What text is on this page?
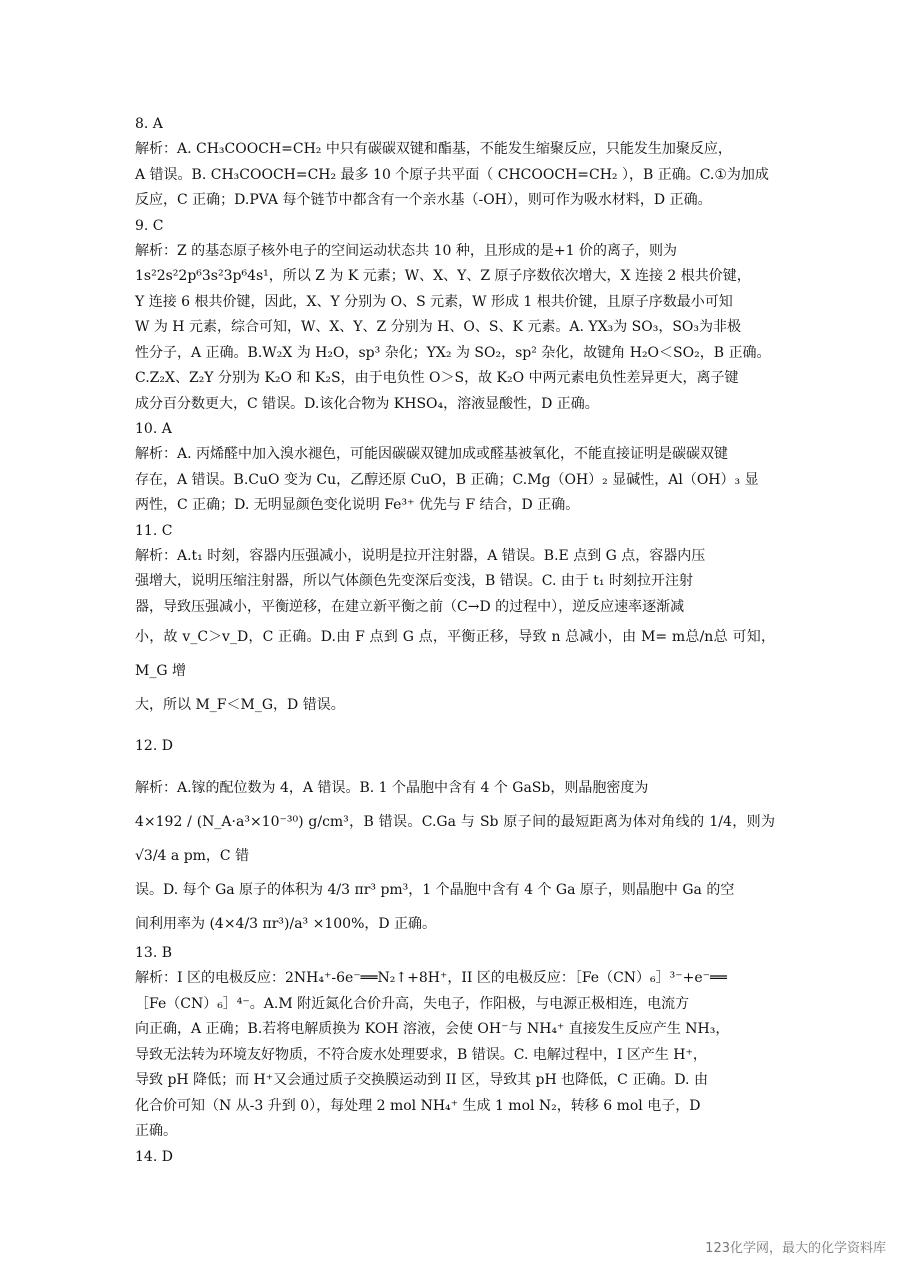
8. A
解析：A. CH₃COOCH=CH₂ 中只有碳碳双键和酯基，不能发生缩聚反应，只能发生加聚反应，
A 错误。B. CH₃COOCH=CH₂ 最多 10 个原子共平面（ CHCOOCH=CH₂ ），B 正确。C.①为加成
反应，C 正确；D.PVA 每个链节中都含有一个亲水基（-OH），则可作为吸水材料，D 正确。
9. C
解析：Z 的基态原子核外电子的空间运动状态共 10 种，且形成的是+1 价的离子，则为
1s²2s²2p⁶3s²3p⁶4s¹，所以 Z 为 K 元素；W、X、Y、Z 原子序数依次增大，X 连接 2 根共价键，
Y 连接 6 根共价键，因此，X、Y 分别为 O、S 元素，W 形成 1 根共价键，且原子序数最小可知
W 为 H 元素，综合可知，W、X、Y、Z 分别为 H、O、S、K 元素。A. YX₃为 SO₃，SO₃为非极
性分子，A 正确。B.W₂X 为 H₂O，sp³ 杂化；YX₂ 为 SO₂，sp² 杂化，故键角 H₂O＜SO₂，B 正确。
C.Z₂X、Z₂Y 分别为 K₂O 和 K₂S，由于电负性 O＞S，故 K₂O 中两元素电负性差异更大，离子键
成分百分数更大，C 错误。D.该化合物为 KHSO₄，溶液显酸性，D 正确。
10. A
解析：A. 丙烯醛中加入溴水褪色，可能因碳碳双键加成或醛基被氧化，不能直接证明是碳碳双键
存在，A 错误。B.CuO 变为 Cu，乙醇还原 CuO，B 正确；C.Mg（OH）₂ 显碱性，Al（OH）₃ 显
两性，C 正确；D. 无明显颜色变化说明 Fe³⁺ 优先与 F 结合，D 正确。
11. C
解析：A.t₁ 时刻，容器内压强减小，说明是拉开注射器，A 错误。B.E 点到 G 点，容器内压
强增大，说明压缩注射器，所以气体颜色先变深后变浅，B 错误。C. 由于 t₁ 时刻拉开注射
器，导致压强减小，平衡逆移，在建立新平衡之前（C→D 的过程中），逆反应速率逐渐减
小，故 v_C＞v_D，C 正确。D.由 F 点到 G 点，平衡正移，导致 n 总减小，由 M= m总/n总 可知，M_G 增
大，所以 M_F＜M_G，D 错误。
12. D
解析：A.镓的配位数为 4，A 错误。B. 1 个晶胞中含有 4 个 GaSb，则晶胞密度为
4×192 / (N_A·a³×10⁻³⁰) g/cm³，B 错误。C.Ga 与 Sb 原子间的最短距离为体对角线的 1/4，则为 √3/4 a pm，C 错
误。D. 每个 Ga 原子的体积为 4/3 πr³ pm³，1 个晶胞中含有 4 个 Ga 原子，则晶胞中 Ga 的空
间利用率为 (4×4/3 πr³)/a³ ×100%，D 正确。
13. B
解析：I 区的电极反应：2NH₄⁺-6e⁻══N₂↑+8H⁺，II 区的电极反应：［Fe（CN）₆］³⁻+e⁻══
［Fe（CN）₆］⁴⁻。A.M 附近氮化合价升高，失电子，作阳极，与电源正极相连，电流方
向正确，A 正确；B.若将电解质换为 KOH 溶液，会使 OH⁻与 NH₄⁺ 直接发生反应产生 NH₃，
导致无法转为环境友好物质，不符合废水处理要求，B 错误。C. 电解过程中，I 区产生 H⁺，
导致 pH 降低；而 H⁺又会通过质子交换膜运动到 II 区，导致其 pH 也降低，C 正确。D. 由
化合价可知（N 从-3 升到 0），每处理 2 mol NH₄⁺ 生成 1 mol N₂，转移 6 mol 电子，D
正确。
14. D
123化学网，最大的化学资料库
